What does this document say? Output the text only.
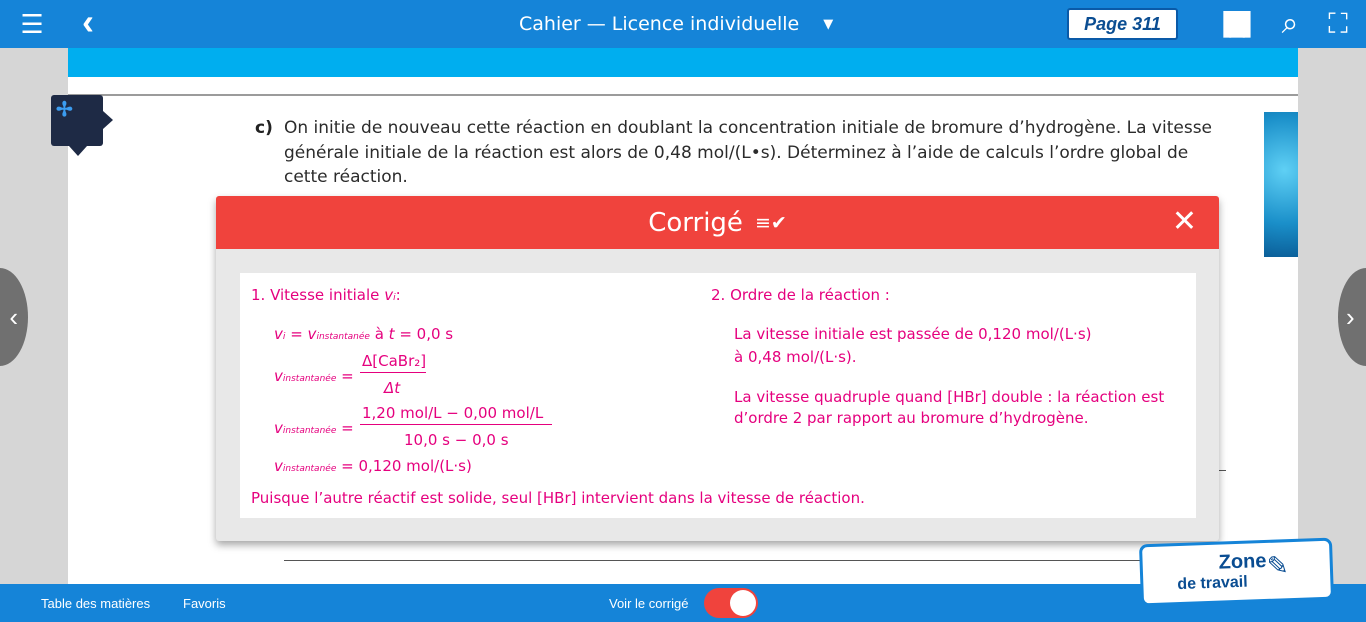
☰ ‹	Cahier — Licence individuelle ▼	Page 311	▐█▌ ⌕	⛶
c) On initie de nouveau cette réaction en doublant la concentration initiale de bromure d’hydrogène. La vitesse générale initiale de la réaction est alors de 0,48 mol/(L•s). Déterminez à l’aide de calculs l’ordre global de cette réaction.
✢
‹	›
Corrigé ≡✔	✕
1. Vitesse initiale vi:
vi = vinstantanée à t = 0,0 s
vinstantanée =
Δ[CaBr₂]
Δt
vinstantanée =
1,20 mol/L − 0,00 mol/L
10,0 s − 0,0 s
vinstantanée = 0,120 mol/(L·s)
Puisque l’autre réactif est solide, seul [HBr] intervient dans la vitesse de réaction.
2. Ordre de la réaction :
La vitesse initiale est passée de 0,120 mol/(L·s)
à 0,48 mol/(L·s).
La vitesse quadruple quand [HBr] double : la réaction est
d’ordre 2 par rapport au bromure d’hydrogène.
Table des matières	Favoris	Voir le corrigé
Zone
de travail
✎
